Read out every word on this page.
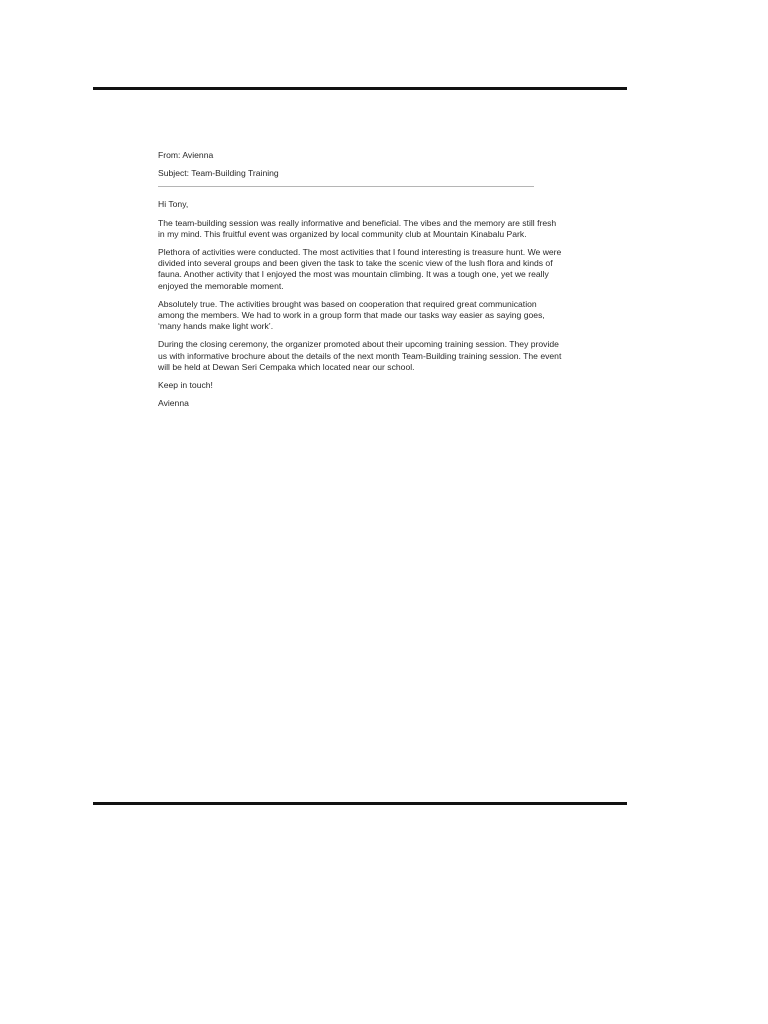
From: Avienna

Subject: Team-Building Training

Hi Tony,

The team-building session was really informative and beneficial. The vibes and the memory are still fresh in my mind. This fruitful event was organized by local community club at Mountain Kinabalu Park.

Plethora of activities were conducted. The most activities that I found interesting is treasure hunt. We were divided into several groups and been given the task to take the scenic view of the lush flora and kinds of fauna. Another activity that I enjoyed the most was mountain climbing. It was a tough one, yet we really enjoyed the memorable moment.

Absolutely true. The activities brought was based on cooperation that required great communication among the members. We had to work in a group form that made our tasks way easier as saying goes, ‘many hands make light work’.

During the closing ceremony, the organizer promoted about their upcoming training session. They provide us with informative brochure about the details of the next month Team-Building training session. The event will be held at Dewan Seri Cempaka which located near our school.

Keep in touch!

Avienna
